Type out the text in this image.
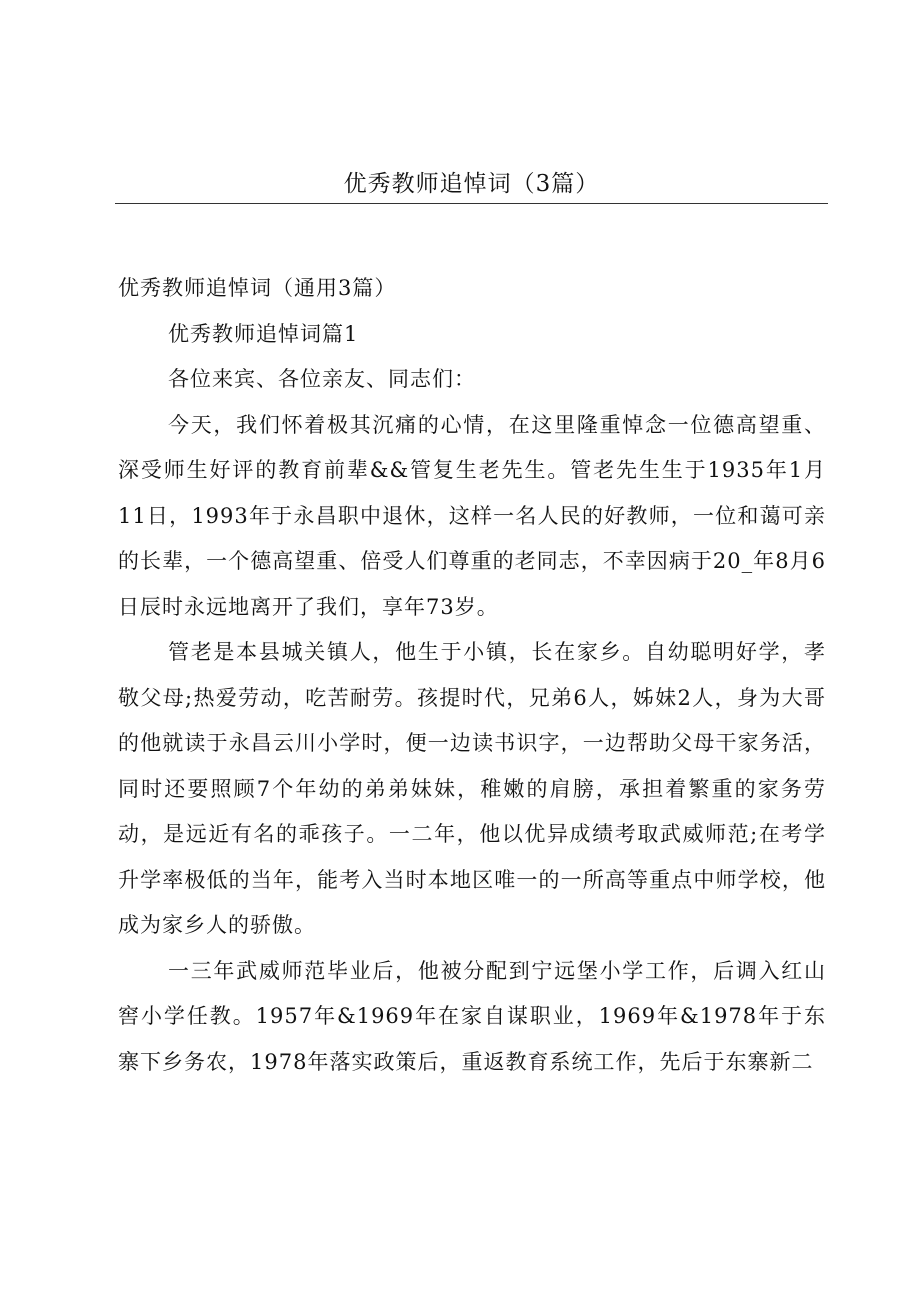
优秀教师追悼词（3篇）

优秀教师追悼词（通用3篇）

优秀教师追悼词篇1

各位来宾、各位亲友、同志们：

今天，我们怀着极其沉痛的心情，在这里隆重悼念一位德高望重、深受师生好评的教育前辈&&管复生老先生。管老先生生于1935年1月11日，1993年于永昌职中退休，这样一名人民的好教师，一位和蔼可亲的长辈，一个德高望重、倍受人们尊重的老同志，不幸因病于20_年8月6日辰时永远地离开了我们，享年73岁。

管老是本县城关镇人，他生于小镇，长在家乡。自幼聪明好学，孝敬父母;热爱劳动，吃苦耐劳。孩提时代，兄弟6人，姊妹2人，身为大哥的他就读于永昌云川小学时，便一边读书识字，一边帮助父母干家务活，同时还要照顾7个年幼的弟弟妹妹，稚嫩的肩膀，承担着繁重的家务劳动，是远近有名的乖孩子。一二年，他以优异成绩考取武威师范;在考学升学率极低的当年，能考入当时本地区唯一的一所高等重点中师学校，他成为家乡人的骄傲。

一三年武威师范毕业后，他被分配到宁远堡小学工作，后调入红山窖小学任教。1957年&1969年在家自谋职业，1969年&1978年于东寨下乡务农，1978年落实政策后，重返教育系统工作，先后于东寨新二
